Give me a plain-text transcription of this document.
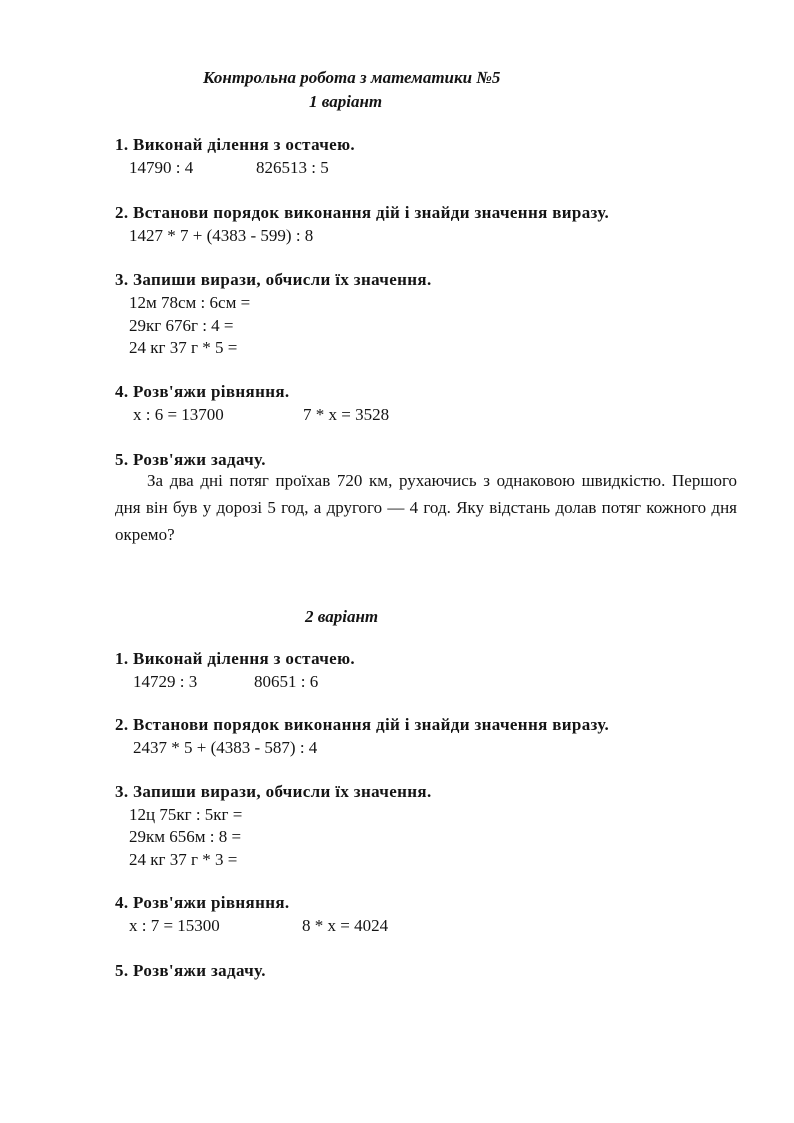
Контрольна робота з математики №5
1 варіант
1. Виконай ділення з остачею.
14790 : 4	826513 : 5
2. Встанови порядок виконання дій і знайди значення виразу.
1427 * 7 + (4383 - 599) : 8
3. Запиши вирази, обчисли їх значення.
12м 78см : 6см =
29кг 676г : 4 =
24 кг 37 г * 5 =
4. Розв'яжи рівняння.
x : 6 = 13700	7 * x = 3528
5. Розв'яжи задачу.
За два дні потяг проїхав 720 км, рухаючись з однаковою швидкістю. Першого дня він був у дорозі 5 год, а другого — 4 год. Яку відстань долав потяг кожного дня окремо?
2 варіант
1. Виконай ділення з остачею.
14729 : 3	80651 : 6
2. Встанови порядок виконання дій і знайди значення виразу.
2437 * 5 + (4383 - 587) : 4
3. Запиши вирази, обчисли їх значення.
12ц 75кг : 5кг =
29км 656м : 8 =
24 кг 37 г * 3 =
4. Розв'яжи рівняння.
x : 7 = 15300	8 * x = 4024
5. Розв'яжи задачу.
